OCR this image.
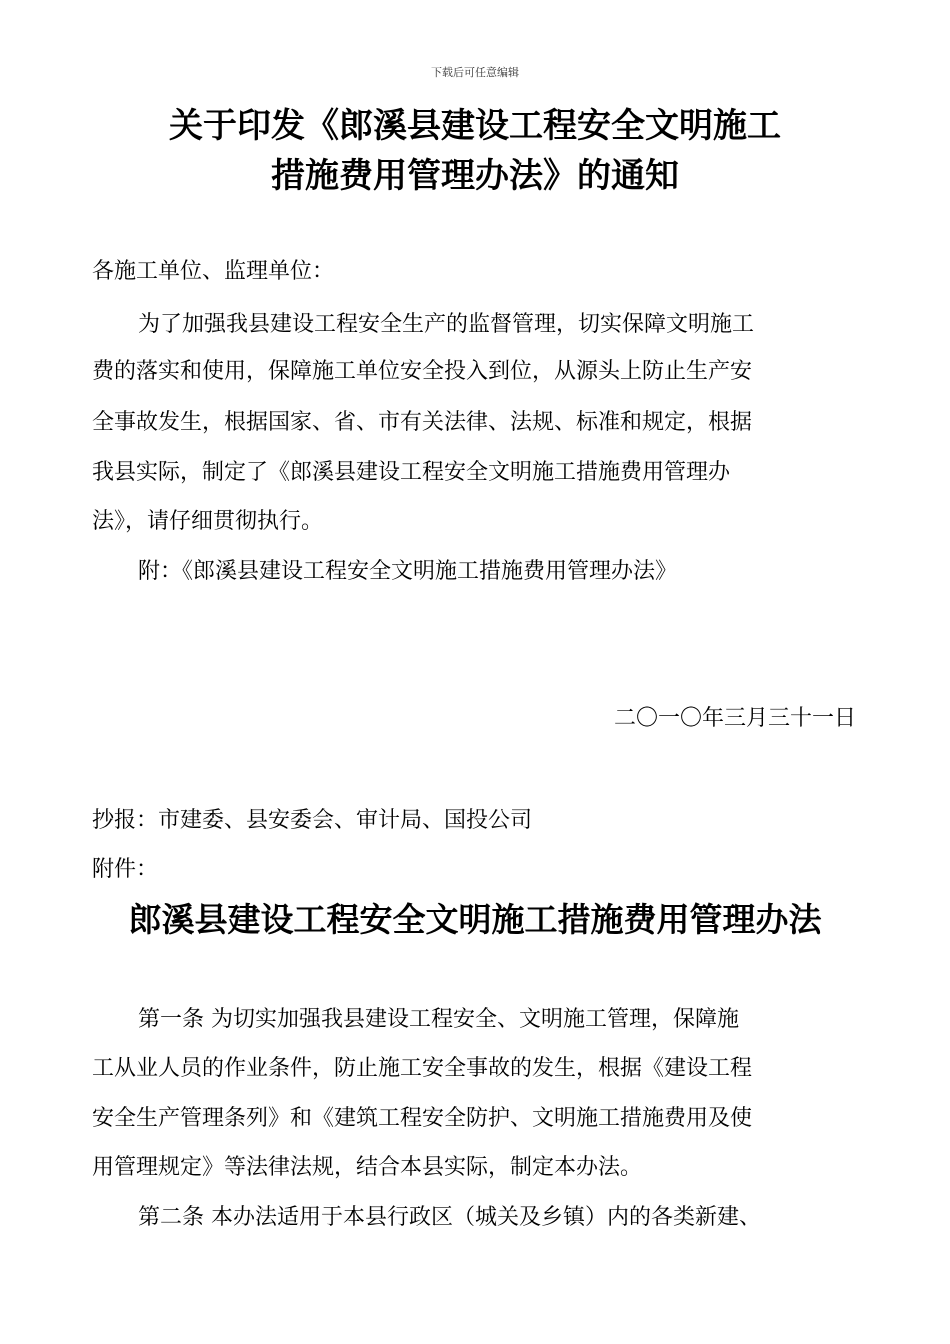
下载后可任意编辑
关于印发《郎溪县建设工程安全文明施工
措施费用管理办法》的通知
各施工单位、监理单位：
为了加强我县建设工程安全生产的监督管理，切实保障文明施工
费的落实和使用，保障施工单位安全投入到位，从源头上防止生产安
全事故发生，根据国家、省、市有关法律、法规、标准和规定，根据
我县实际，制定了《郎溪县建设工程安全文明施工措施费用管理办
法》，请仔细贯彻执行。
附：《郎溪县建设工程安全文明施工措施费用管理办法》
二〇一〇年三月三十一日
抄报：市建委、县安委会、审计局、国投公司
附件：
郎溪县建设工程安全文明施工措施费用管理办法
第一条 为切实加强我县建设工程安全、文明施工管理，保障施
工从业人员的作业条件，防止施工安全事故的发生，根据《建设工程
安全生产管理条列》和《建筑工程安全防护、文明施工措施费用及使
用管理规定》等法律法规，结合本县实际，制定本办法。
第二条 本办法适用于本县行政区（城关及乡镇）内的各类新建、
